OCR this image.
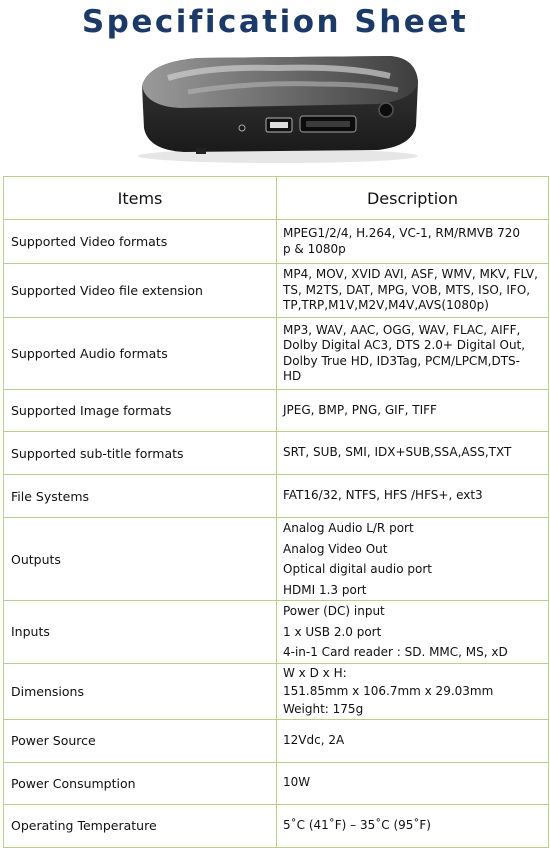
Specification Sheet
Items	Description
Supported Video formats	MPEG1/2/4, H.264, VC-1, RM/RMVB 720
p & 1080p

Supported Video file extension	MP4, MOV, XVID AVI, ASF, WMV, MKV, FLV,
TS, M2TS, DAT, MPG, VOB, MTS, ISO, IFO,
TP,TRP,M1V,M2V,M4V,AVS(1080p)

Supported Audio formats	MP3, WAV, AAC, OGG, WAV, FLAC, AIFF,
Dolby Digital AC3, DTS 2.0+ Digital Out,
Dolby True HD, ID3Tag, PCM/LPCM,DTS-
HD

Supported Image formats	JPEG, BMP, PNG, GIF, TIFF

Supported sub-title formats	SRT, SUB, SMI, IDX+SUB,SSA,ASS,TXT

File Systems	FAT16/32, NTFS, HFS /HFS+, ext3

Outputs	Analog Audio L/R port
Analog Video Out
Optical digital audio port
HDMI 1.3 port

Inputs	Power (DC) input
1 x USB 2.0 port
4-in-1 Card reader : SD. MMC, MS, xD

Dimensions	W x D x H:
151.85mm x 106.7mm x 29.03mm
Weight: 175g

Power Source	12Vdc, 2A

Power Consumption	10W

Operating Temperature	5˚C (41˚F) – 35˚C (95˚F)
